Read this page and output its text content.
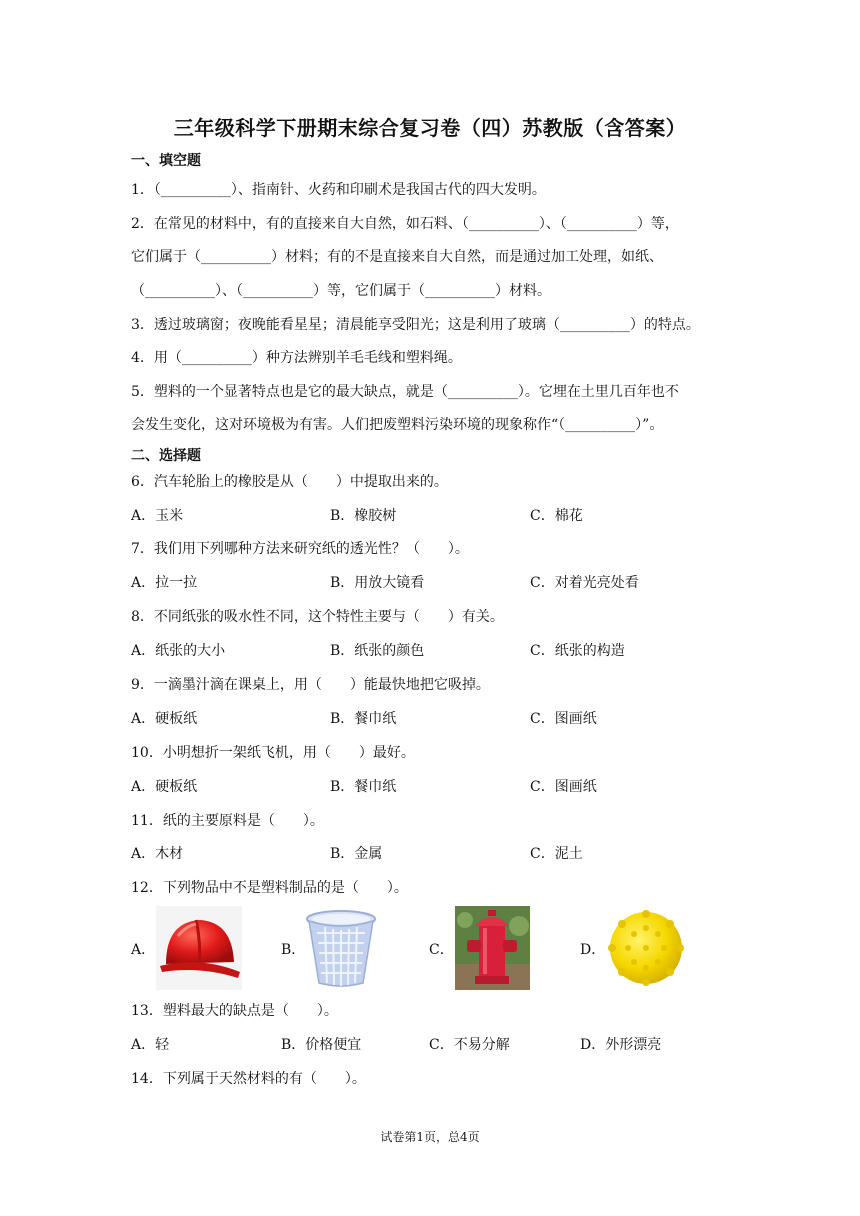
三年级科学下册期末综合复习卷（四）苏教版（含答案）
一、填空题
1．（__________）、指南针、火药和印刷术是我国古代的四大发明。
2．在常见的材料中，有的直接来自大自然，如石料、（__________）、（__________）等，
它们属于（__________）材料；有的不是直接来自大自然，而是通过加工处理，如纸、
（__________）、（__________）等，它们属于（__________）材料。
3．透过玻璃窗；夜晚能看星星；清晨能享受阳光；这是利用了玻璃（__________）的特点。
4．用（__________）种方法辨别羊毛毛线和塑料绳。
5．塑料的一个显著特点也是它的最大缺点，就是（__________）。它埋在土里几百年也不
会发生变化，这对环境极为有害。人们把废塑料污染环境的现象称作“（__________）”。
二、选择题
6．汽车轮胎上的橡胶是从（　　）中提取出来的。
A．玉米	B．橡胶树	C．棉花
7．我们用下列哪种方法来研究纸的透光性？（　　）。
A．拉一拉	B．用放大镜看	C．对着光亮处看
8．不同纸张的吸水性不同，这个特性主要与（　　）有关。
A．纸张的大小	B．纸张的颜色	C．纸张的构造
9．一滴墨汁滴在课桌上，用（　　）能最快地把它吸掉。
A．硬板纸	B．餐巾纸	C．图画纸
10．小明想折一架纸飞机，用（　　）最好。
A．硬板纸	B．餐巾纸	C．图画纸
11．纸的主要原料是（　　）。
A．木材	B．金属	C．泥土
12．下列物品中不是塑料制品的是（　　）。
A．	B．	C．	D．
13．塑料最大的缺点是（　　）。
A．轻	B．价格便宜	C．不易分解	D．外形漂亮
14．下列属于天然材料的有（　　）。
试卷第1页，总4页
